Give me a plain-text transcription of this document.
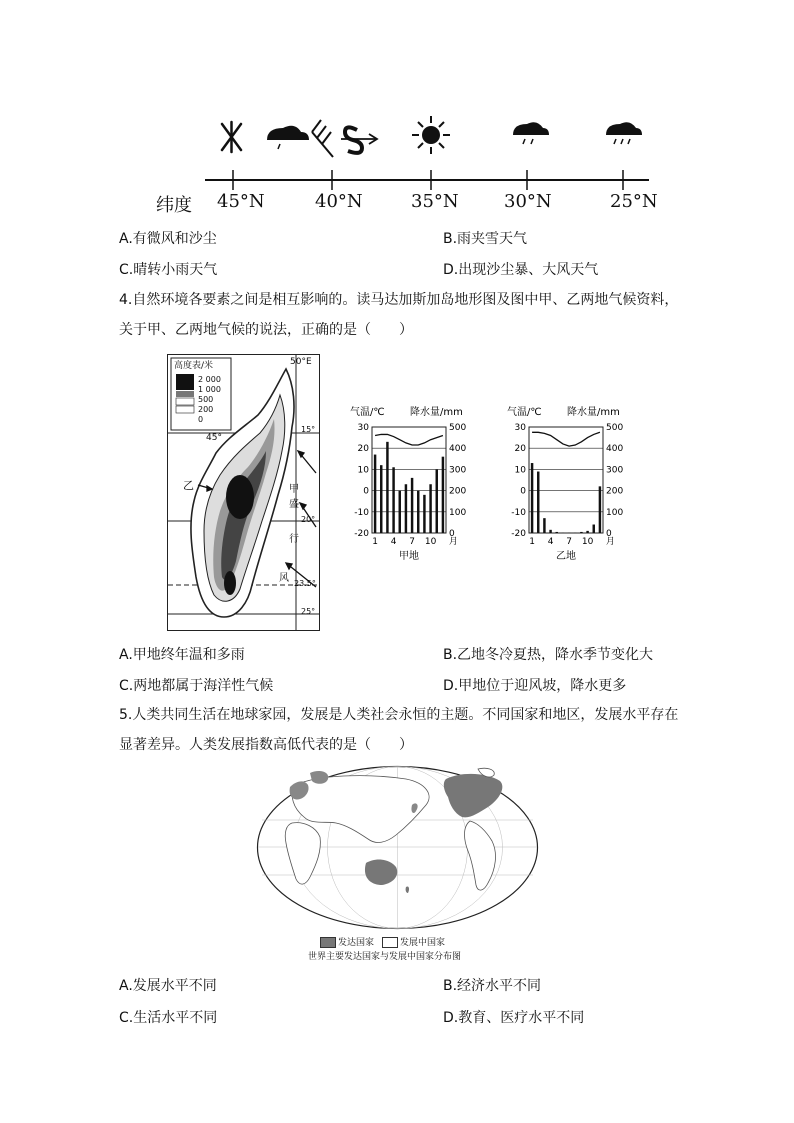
纬度 45°N	40°N	35°N	30°N	25°N
A.有微风和沙尘	B.雨夹雪天气
C.晴转小雨天气	D.出现沙尘暴、大风天气
4.自然环境各要素之间是相互影响的。读马达加斯加岛地形图及图中甲、乙两地气候资料，关于甲、乙两地气候的说法，正确的是（　　）
高度表/米
2 000
1 000
500
200
0
50°E
45°
15°
20°
23.5°
25°
乙	甲
盛
行
风
气温/℃	降水量/mm
30	500
20	400
10	300
0	200
-10	100
-20	0
1 4 7 10 月
甲地
气温/℃	降水量/mm
30	500
20	400
10	300
0	200
-10	100
-20	0
1 4 7 10 月
乙地
A.甲地终年温和多雨	B.乙地冬冷夏热，降水季节变化大
C.两地都属于海洋性气候	D.甲地位于迎风坡，降水更多
5.人类共同生活在地球家园，发展是人类社会永恒的主题。不同国家和地区，发展水平存在显著差异。人类发展指数高低代表的是（　　）
发达国家	发展中国家
世界主要发达国家与发展中国家分布图
A.发展水平不同	B.经济水平不同
C.生活水平不同	D.教育、医疗水平不同
